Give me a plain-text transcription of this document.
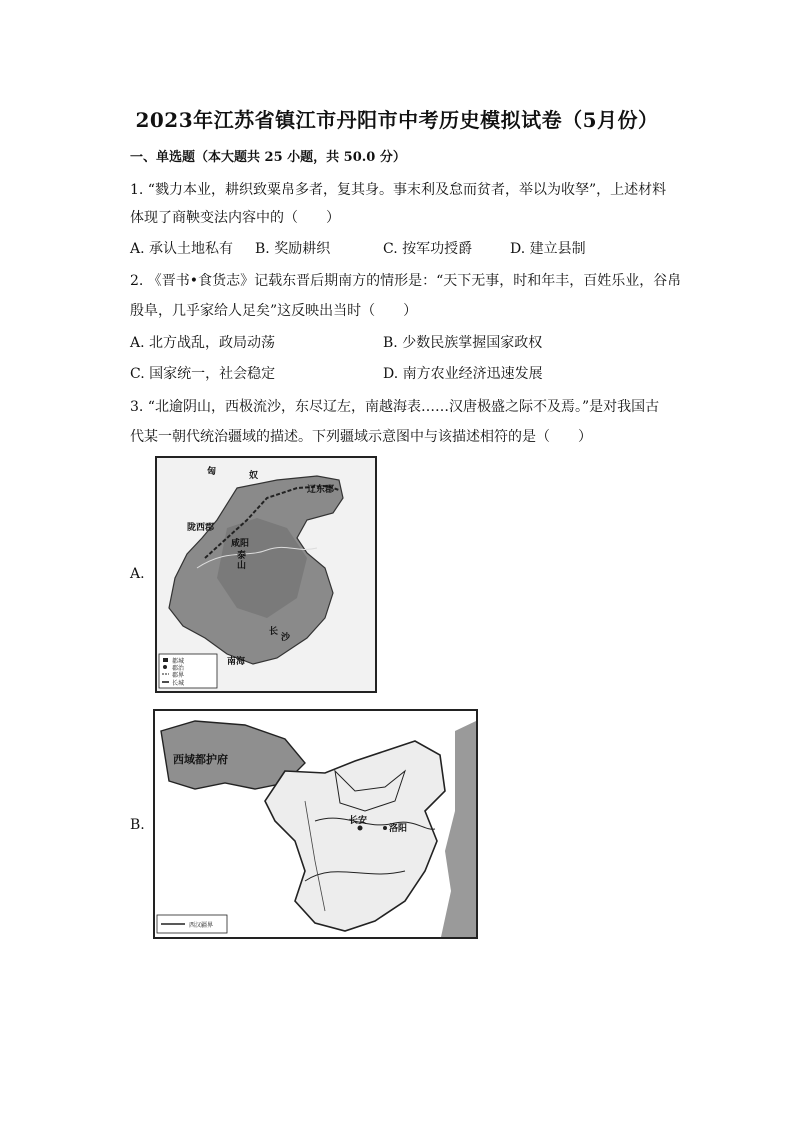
2023年江苏省镇江市丹阳市中考历史模拟试卷（5月份）
一、单选题（本大题共 25 小题，共 50.0 分）
1. “戮力本业，耕织致粟帛多者，复其身。事末利及怠而贫者，举以为收孥”，上述材料
体现了商鞅变法内容中的（　　）
A. 承认土地私有 B. 奖励耕织	C. 按军功授爵	D. 建立县制
2. 《晋书•食货志》记载东晋后期南方的情形是：“天下无事，时和年丰，百姓乐业，谷帛
殷阜，几乎家给人足矣”这反映出当时（　　）
A. 北方战乱，政局动荡	B. 少数民族掌握国家政权
C. 国家统一，社会稳定	D. 南方农业经济迅速发展
3. “北逾阴山，西极流沙，东尽辽左，南越海表……汉唐极盛之际不及焉。”是对我国古
代某一朝代统治疆域的描述。下列疆域示意图中与该描述相符的是（　　）
A.
匈	奴
辽东郡
陇西郡
咸阳
泰
山
长
沙
南海
都城
郡治
郡界
长城
B.
西域都护府
长安
洛阳
西汉疆界
